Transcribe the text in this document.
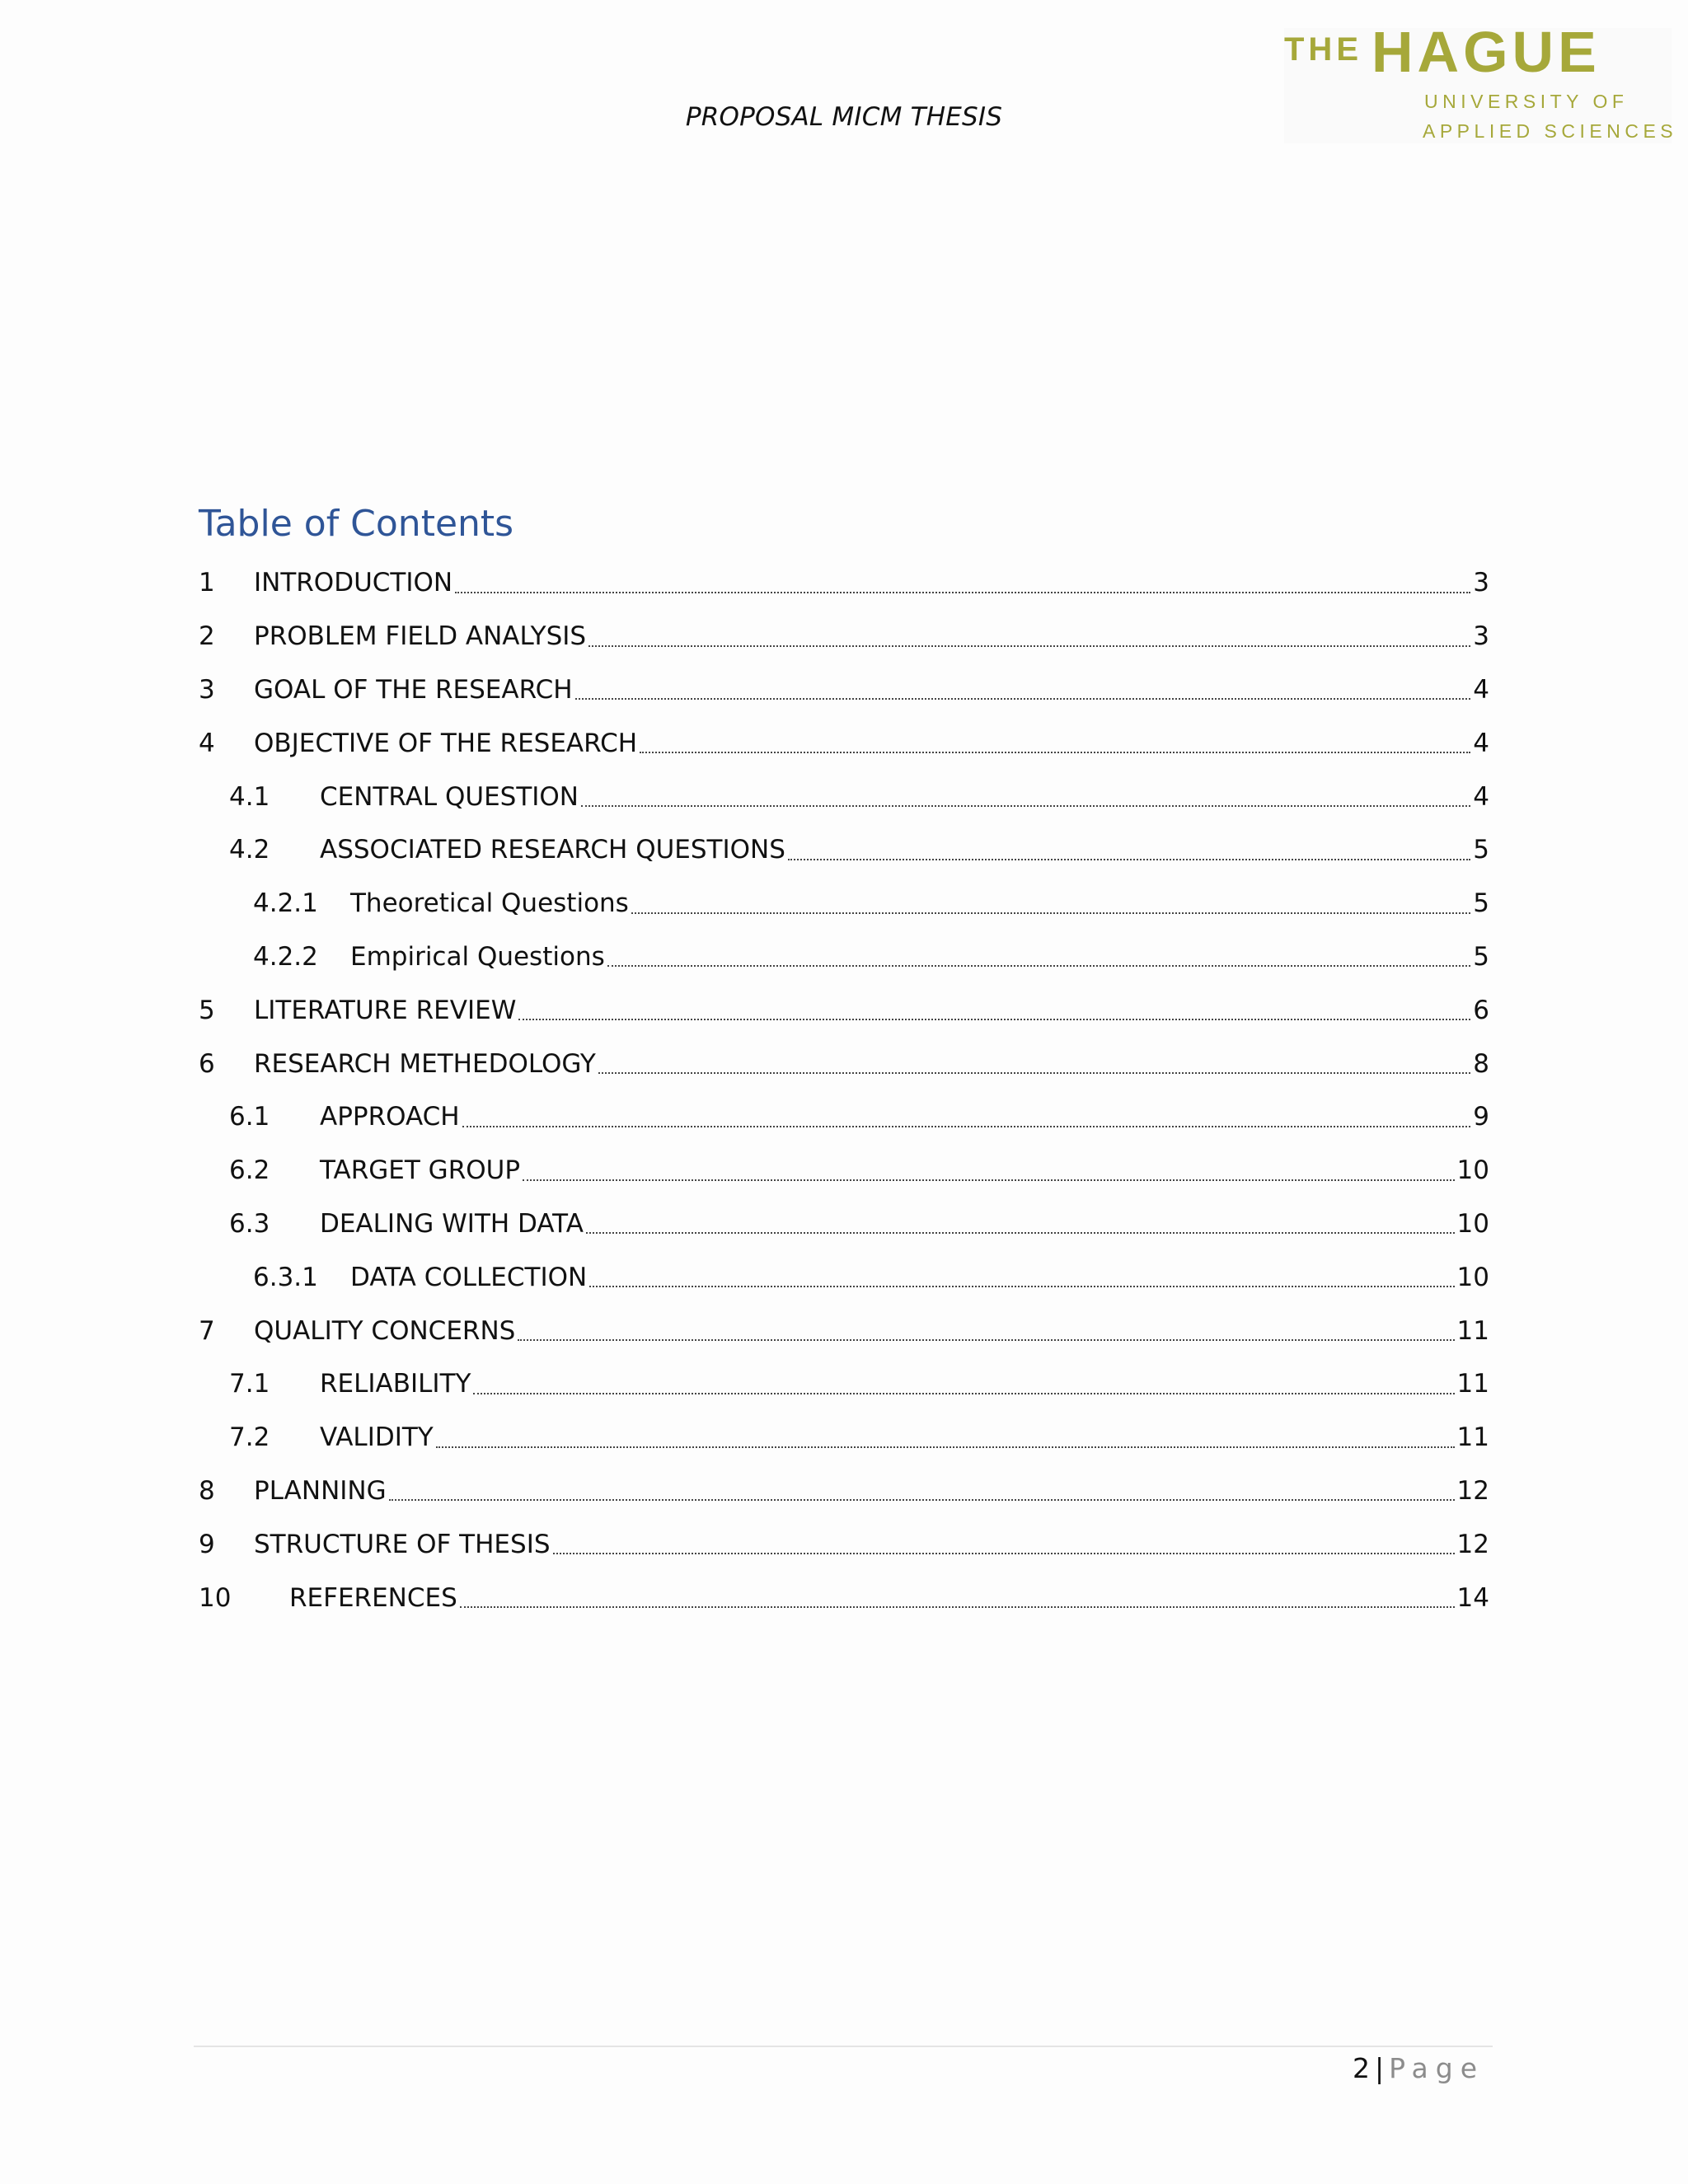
PROPOSAL MICM THESIS
THE HAGUE
UNIVERSITY OF
APPLIED SCIENCES
Table of Contents
1	INTRODUCTION	3
2	PROBLEM FIELD ANALYSIS	3
3	GOAL OF THE RESEARCH	4
4	OBJECTIVE OF THE RESEARCH	4
4.1	CENTRAL QUESTION	4
4.2	ASSOCIATED RESEARCH QUESTIONS	5
4.2.1	Theoretical Questions	5
4.2.2	Empirical Questions	5
5	LITERATURE REVIEW	6
6	RESEARCH METHEDOLOGY	8
6.1	APPROACH	9
6.2	TARGET GROUP	10
6.3	DEALING WITH DATA	10
6.3.1	DATA COLLECTION	10
7	QUALITY CONCERNS	11
7.1	RELIABILITY	11
7.2	VALIDITY	11
8	PLANNING	12
9	STRUCTURE OF THESIS	12
10	REFERENCES	14
2 | Page
